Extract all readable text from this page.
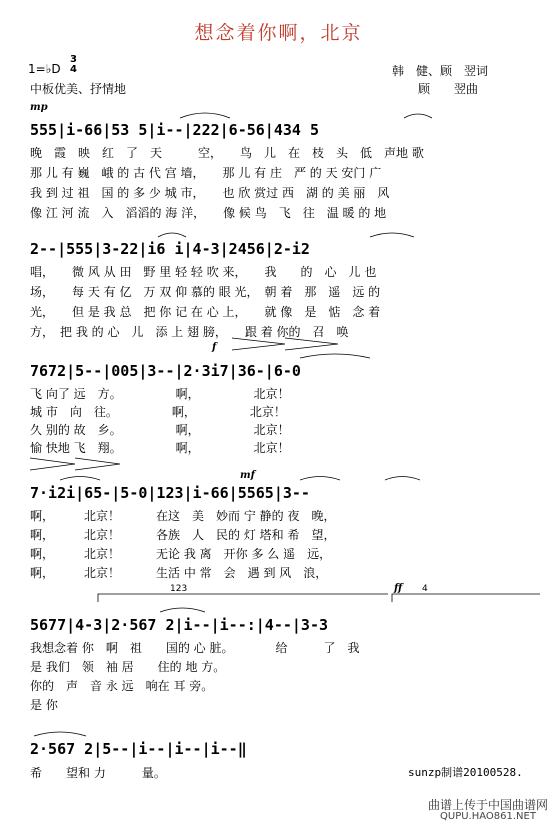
想念着你啊，北京
1=♭D
3
4
中板优美、抒情地
韩　健、顾　翌词
顾　　翌曲
mp
555|i-66|53 5|i--|222|6-56|434 5
晚　霞　映　红　了　天　　　空，　　鸟　儿　在　枝　头　低　声地 歌
那 儿 有 巍　峨 的 古 代 宫 墙，　　那 儿 有 庄　严 的 天 安门 广
我 到 过 祖　国 的 多 少 城 市，　　也 欣 赏过 西　湖 的 美 丽　风
像 江 河 流　入　滔滔的 海 洋，　　像 候 鸟　飞　往　温 暖 的 地
2--|555|3-22|i6 i|4-3|2456|2-i2
唱，　　微 风 从 田　野 里 轻 轻 吹 来，　　我　　的　心　儿 也
场，　　每 天 有 亿　万 双 仰 慕的 眼 光，　朝 着　那　遥　远 的
光，　　但 是 我 总　把 你 记 在 心 上，　　就 像　是　惦　念 着
方，　把 我 的 心　儿　添 上 翅 膀，　　跟 着 你的　召　唤
f
7672|5--|005|3--|2·3i7|36-|6-0
飞 向了 远　方。　　　　　啊，　　　　　北京！
城 市　向　往。　　　　　啊，　　　　　北京！
久 别的 故　乡。　　　　　啊，　　　　　北京！
愉 快地 飞　翔。　　　　　啊，　　　　　北京！
mf
7·i2i|65-|5-0|123|i-66|5565|3--
啊，　　　北京！　　　在这　美　妙而 宁 静的 夜　晚，
啊，　　　北京！　　　各族　人　民的 灯 塔和 希　望，
啊，　　　北京！　　　无论 我 离　开你 多 么 遥　远，
啊，　　　北京！　　　生活 中 常　会　遇 到 风　浪，
123	4
ff
5677|4-3|2·567 2|i--|i--:|4--|3-3
我想念着 你　啊　祖　　国的 心 脏。　　　　给　　　了　我
是 我们　领　袖 居　　住的 地 方。
你的　声　音 永 远　响在 耳 旁。
是 你
2·567 2|5--|i--|i--|i--‖
希　　望和 力　　　量。	sunzp制谱20100528.
曲谱上传于中国曲谱网
QUPU.HAO861.NET
